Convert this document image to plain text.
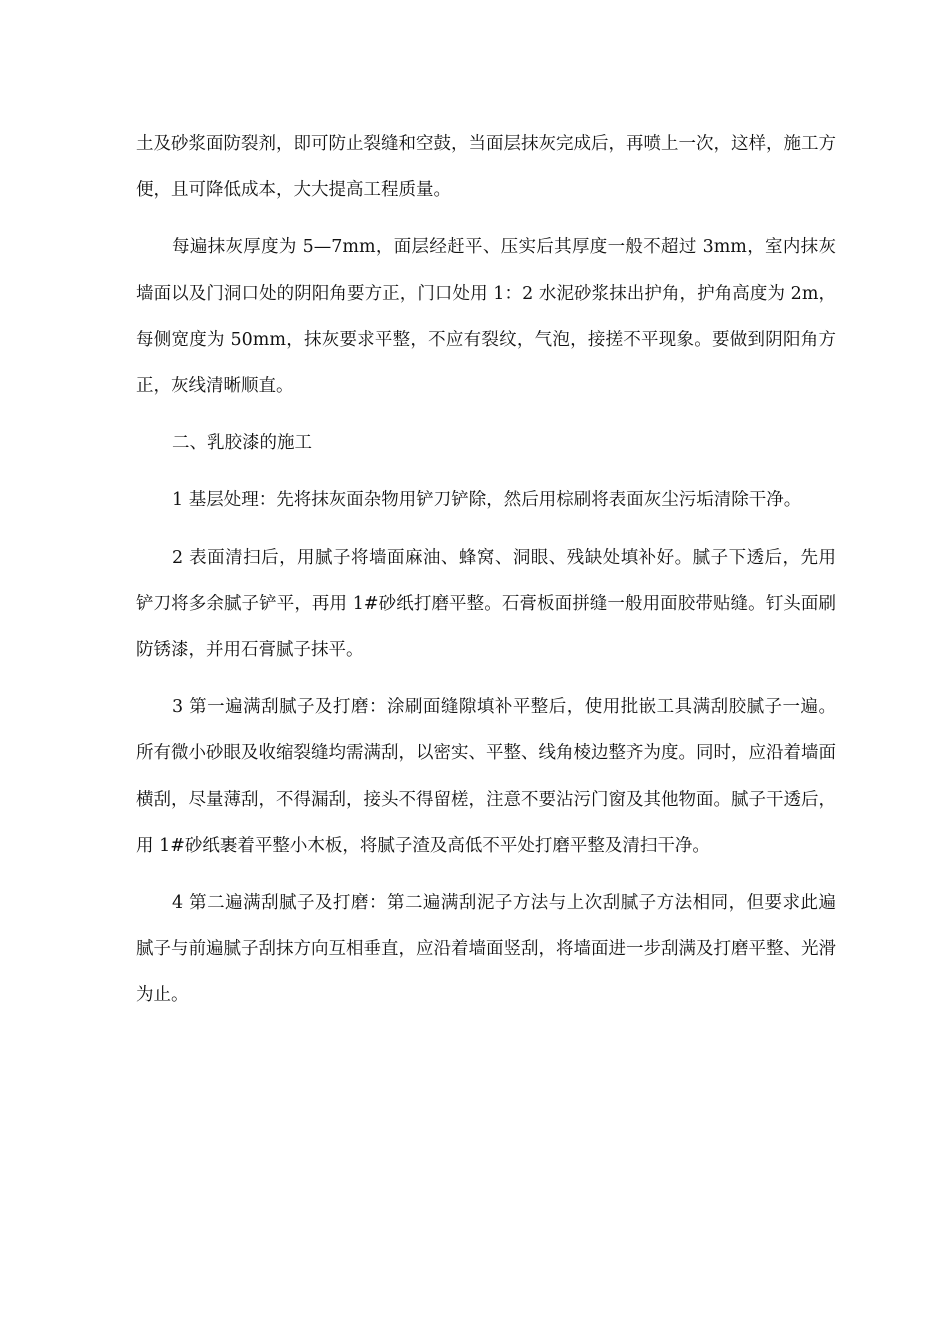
土及砂浆面防裂剂，即可防止裂缝和空鼓，当面层抹灰完成后，再喷上一次，这样，施工方便，且可降低成本，大大提高工程质量。

每遍抹灰厚度为 5—7mm，面层经赶平、压实后其厚度一般不超过 3mm，室内抹灰墙面以及门洞口处的阴阳角要方正，门口处用 1：2 水泥砂浆抹出护角，护角高度为 2m，每侧宽度为 50mm，抹灰要求平整，不应有裂纹，气泡，接搓不平现象。要做到阴阳角方正，灰线清晰顺直。

二、乳胶漆的施工

1 基层处理：先将抹灰面杂物用铲刀铲除，然后用棕刷将表面灰尘污垢清除干净。

2 表面清扫后，用腻子将墙面麻油、蜂窝、洞眼、残缺处填补好。腻子下透后，先用铲刀将多余腻子铲平，再用 1#砂纸打磨平整。石膏板面拼缝一般用面胶带贴缝。钉头面刷防锈漆，并用石膏腻子抹平。

3 第一遍满刮腻子及打磨：涂刷面缝隙填补平整后，使用批嵌工具满刮胶腻子一遍。所有微小砂眼及收缩裂缝均需满刮，以密实、平整、线角棱边整齐为度。同时，应沿着墙面横刮，尽量薄刮，不得漏刮，接头不得留槎，注意不要沾污门窗及其他物面。腻子干透后，用 1#砂纸裹着平整小木板，将腻子渣及高低不平处打磨平整及清扫干净。

4 第二遍满刮腻子及打磨：第二遍满刮泥子方法与上次刮腻子方法相同，但要求此遍腻子与前遍腻子刮抹方向互相垂直，应沿着墙面竖刮，将墙面进一步刮满及打磨平整、光滑为止。
